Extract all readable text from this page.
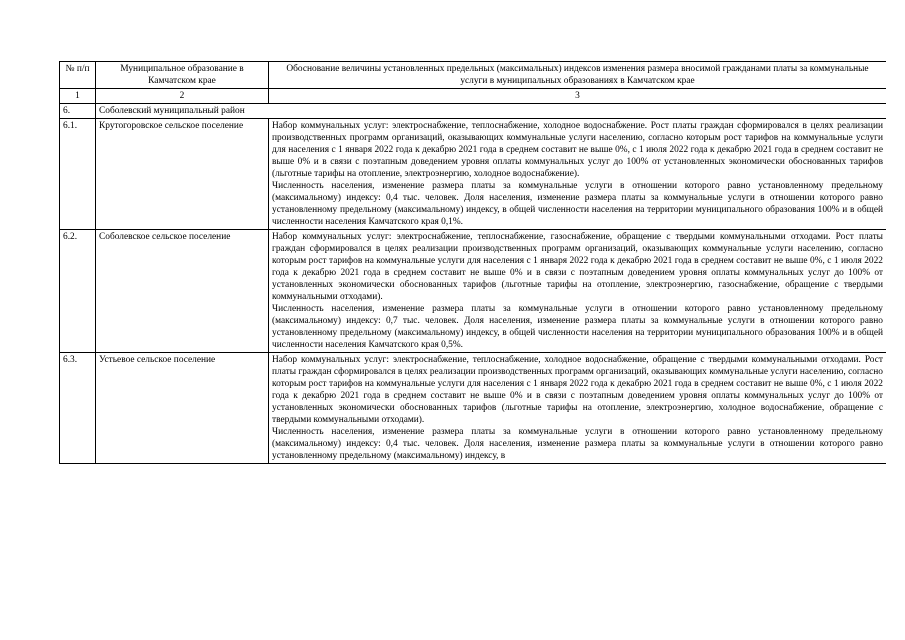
№ п/п	Муниципальное образование в Камчатском крае	Обоснование величины установленных предельных (максимальных) индексов изменения размера вносимой гражданами платы за коммунальные услуги в муниципальных образованиях в Камчатском крае
1	2	3
6.	Соболевский муниципальный район	
6.1.	Крутогоровское сельское поселение	Набор коммунальных услуг: электроснабжение, теплоснабжение, холодное водоснабжение. Рост платы граждан сформировался в целях реализации производственных программ организаций, оказывающих коммунальные услуги населению, согласно которым рост тарифов на коммунальные услуги для населения с 1 января 2022 года к декабрю 2021 года в среднем составит не выше 0%, с 1 июля 2022 года к декабрю 2021 года в среднем составит не выше 0% и в связи с поэтапным доведением уровня оплаты коммунальных услуг до 100% от установленных экономически обоснованных тарифов (льготные тарифы на отопление, электроэнергию, холодное водоснабжение).

Численность населения, изменение размера платы за коммунальные услуги в отношении которого равно установленному предельному (максимальному) индексу: 0,4 тыс. человек. Доля населения, изменение размера платы за коммунальные услуги в отношении которого равно установленному предельному (максимальному) индексу, в общей численности населения на территории муниципального образования 100% и в общей численности населения Камчатского края 0,1%.

6.2.	Соболевское сельское поселение	Набор коммунальных услуг: электроснабжение, теплоснабжение, газоснабжение, обращение с твердыми коммунальными отходами. Рост платы граждан сформировался в целях реализации производственных программ организаций, оказывающих коммунальные услуги населению, согласно которым рост тарифов на коммунальные услуги для населения с 1 января 2022 года к декабрю 2021 года в среднем составит не выше 0%, с 1 июля 2022 года к декабрю 2021 года в среднем составит не выше 0% и в связи с поэтапным доведением уровня оплаты коммунальных услуг до 100% от установленных экономически обоснованных тарифов (льготные тарифы на отопление, электроэнергию, газоснабжение, обращение с твердыми коммунальными отходами).

Численность населения, изменение размера платы за коммунальные услуги в отношении которого равно установленному предельному (максимальному) индексу: 0,7 тыс. человек. Доля населения, изменение размера платы за коммунальные услуги в отношении которого равно установленному предельному (максимальному) индексу, в общей численности населения на территории муниципального образования 100% и в общей численности населения Камчатского края 0,5%.

6.3.	Устьевое сельское поселение	Набор коммунальных услуг: электроснабжение, теплоснабжение, холодное водоснабжение, обращение с твердыми коммунальными отходами. Рост платы граждан сформировался в целях реализации производственных программ организаций, оказывающих коммунальные услуги населению, согласно которым рост тарифов на коммунальные услуги для населения с 1 января 2022 года к декабрю 2021 года в среднем составит не выше 0%, с 1 июля 2022 года к декабрю 2021 года в среднем составит не выше 0% и в связи с поэтапным доведением уровня оплаты коммунальных услуг до 100% от установленных экономически обоснованных тарифов (льготные тарифы на отопление, электроэнергию, холодное водоснабжение, обращение с твердыми коммунальными отходами).

Численность населения, изменение размера платы за коммунальные услуги в отношении которого равно установленному предельному (максимальному) индексу: 0,4 тыс. человек. Доля населения, изменение размера платы за коммунальные услуги в отношении которого равно установленному предельному (максимальному) индексу, в
